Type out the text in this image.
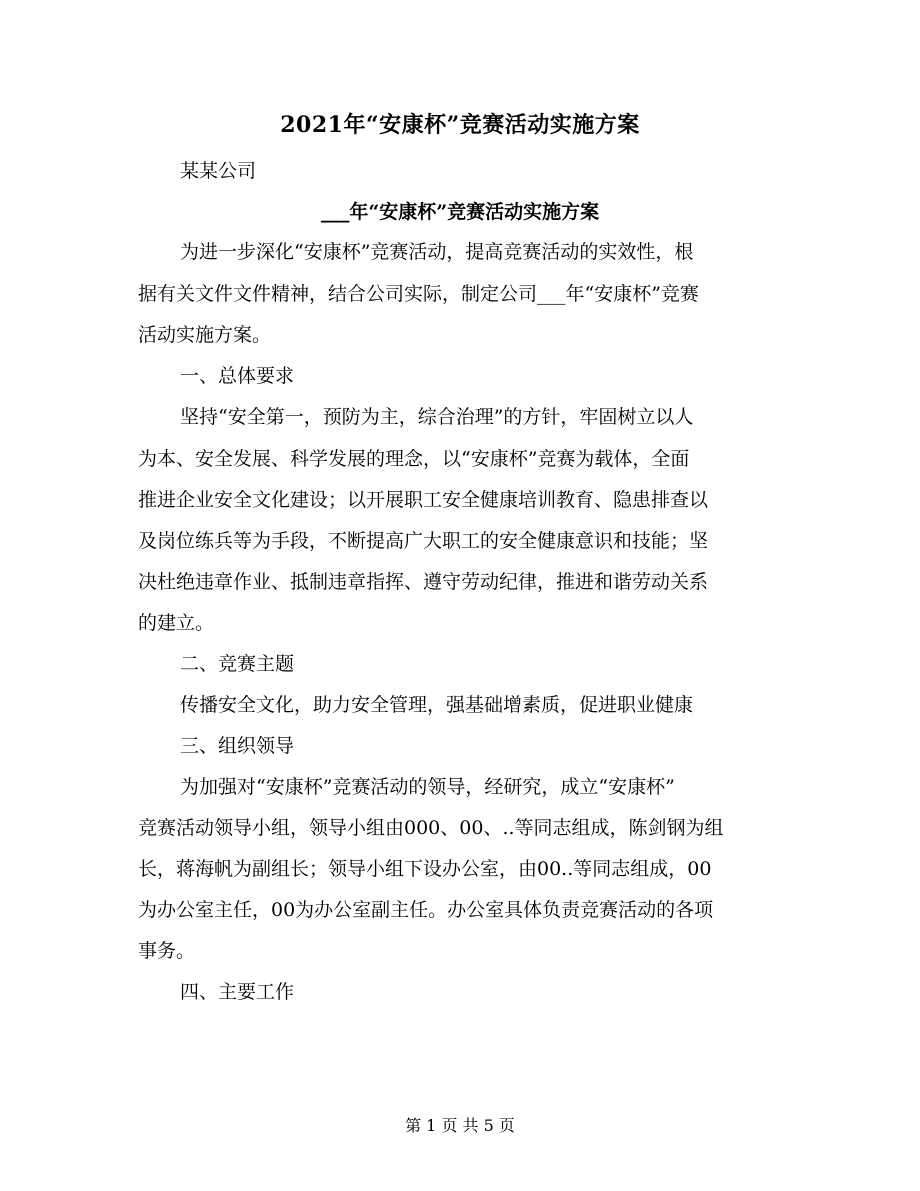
2021年“安康杯”竞赛活动实施方案
某某公司
___年“安康杯”竞赛活动实施方案
为进一步深化“安康杯”竞赛活动，提高竞赛活动的实效性，根
据有关文件文件精神，结合公司实际，制定公司___年“安康杯”竞赛
活动实施方案。
一、总体要求
坚持“安全第一，预防为主，综合治理”的方针，牢固树立以人
为本、安全发展、科学发展的理念，以“安康杯”竞赛为载体，全面
推进企业安全文化建设；以开展职工安全健康培训教育、隐患排查以
及岗位练兵等为手段，不断提高广大职工的安全健康意识和技能；坚
决杜绝违章作业、抵制违章指挥、遵守劳动纪律，推进和谐劳动关系
的建立。
二、竞赛主题
传播安全文化，助力安全管理，强基础增素质，促进职业健康
三、组织领导
为加强对“安康杯”竞赛活动的领导，经研究，成立“安康杯”
竞赛活动领导小组，领导小组由000、00、..等同志组成，陈剑钢为组
长，蒋海帆为副组长；领导小组下设办公室，由00..等同志组成，00
为办公室主任，00为办公室副主任。办公室具体负责竞赛活动的各项
事务。
四、主要工作
第 1 页 共 5 页
